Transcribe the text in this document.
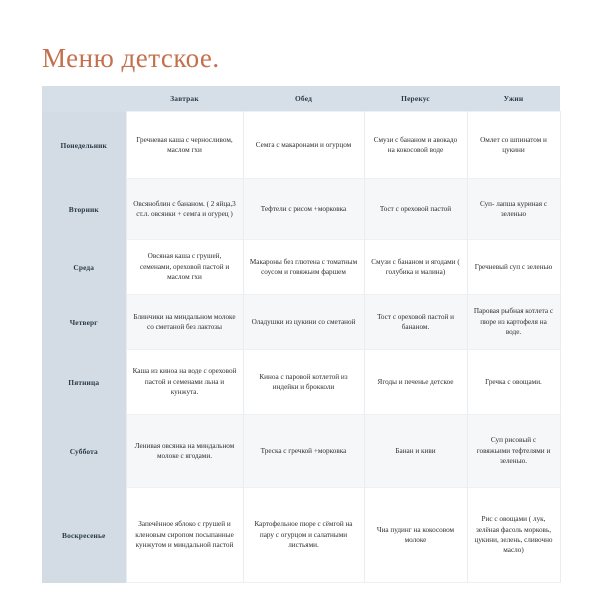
Меню детское.
	Завтрак	Обед	Перекус	Ужин
Понедельник	Гречневая каша с черносливом, маслом гхи	Семга с макаронами и огурцом	Смузи с бананом и авокадо на кокосовой воде	Омлет со шпинатом и цукини
Вторник	Овсяноблин с бананом. ( 2 яйца,3 ст.л. овсянки + семга и огурец )	Тефтели с рисом +морковка	Тост с ореховой пастой	Суп- лапша куриная с зеленью
Среда	Овсяная каша с грушей, семенами, ореховой пастой и маслом гхи	Макароны без глютена с томатным соусом и говяжьим фаршем	Смузи с бананом и ягодами ( голубика и малина)	Гречневый суп с зеленью
Четверг	Блинчики на миндальном молоке со сметаной без лактозы	Оладушки из цукини со сметаной	Тост с ореховой пастой и бананом.	Паровая рыбная котлета с пюре из картофеля на воде.
Пятница	Каша из киноа на воде с ореховой пастой и семенами льна и кунжута.	Киноа с паровой котлетой из индейки и брокколи	Ягоды и печенье детское	Гречка с овощами.
Суббота	Ленивая овсянка на миндальном молоке с ягодами.	Треска с гречкой +морковка	Банан и киви	Суп рисовый с говяжьими тефтелями и зеленью.
Воскресенье	Запечённое яблоко с грушей и кленовым сиропом посыпанные кунжутом и миндальной пастой	Картофельное пюре с сёмгой на пару с огурцом и салатными листьями.	Чиа пудинг на кокосовом молоке	Рис с овощами ( лук, зелёная фасоль морковь, цукини, зелень, сливочно масло)
